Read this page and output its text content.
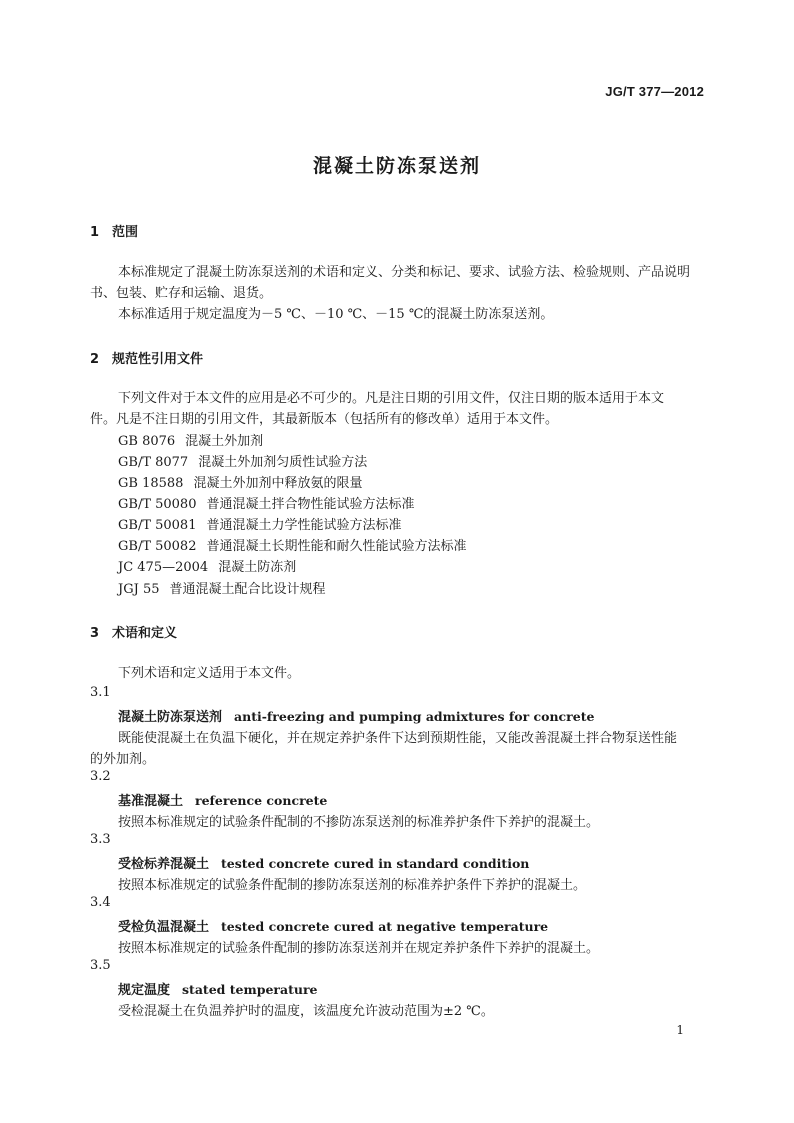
JG/T 377—2012
混凝土防冻泵送剂
1 范围
本标准规定了混凝土防冻泵送剂的术语和定义、分类和标记、要求、试验方法、检验规则、产品说明
书、包装、贮存和运输、退货。
本标准适用于规定温度为－5 ℃、－10 ℃、－15 ℃的混凝土防冻泵送剂。
2 规范性引用文件
下列文件对于本文件的应用是必不可少的。凡是注日期的引用文件，仅注日期的版本适用于本文
件。凡是不注日期的引用文件，其最新版本（包括所有的修改单）适用于本文件。
GB 8076 混凝土外加剂
GB/T 8077 混凝土外加剂匀质性试验方法
GB 18588 混凝土外加剂中释放氨的限量
GB/T 50080 普通混凝土拌合物性能试验方法标准
GB/T 50081 普通混凝土力学性能试验方法标准
GB/T 50082 普通混凝土长期性能和耐久性能试验方法标准
JC 475—2004 混凝土防冻剂
JGJ 55 普通混凝土配合比设计规程
3 术语和定义
下列术语和定义适用于本文件。
3.1
混凝土防冻泵送剂 anti-freezing and pumping admixtures for concrete
既能使混凝土在负温下硬化，并在规定养护条件下达到预期性能，又能改善混凝土拌合物泵送性能
的外加剂。
3.2
基准混凝土 reference concrete
按照本标准规定的试验条件配制的不掺防冻泵送剂的标准养护条件下养护的混凝土。
3.3
受检标养混凝土 tested concrete cured in standard condition
按照本标准规定的试验条件配制的掺防冻泵送剂的标准养护条件下养护的混凝土。
3.4
受检负温混凝土 tested concrete cured at negative temperature
按照本标准规定的试验条件配制的掺防冻泵送剂并在规定养护条件下养护的混凝土。
3.5
规定温度 stated temperature
受检混凝土在负温养护时的温度，该温度允许波动范围为±2 ℃。
1
